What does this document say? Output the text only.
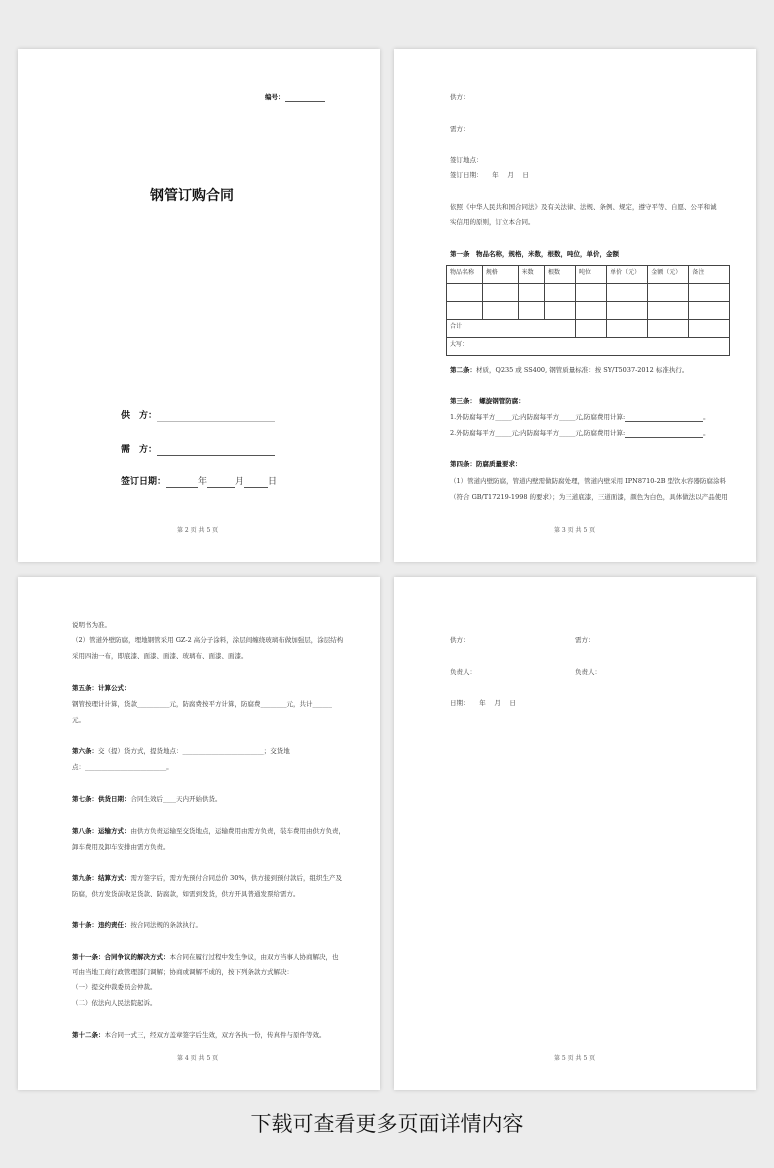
编号：
钢管订购合同
供　方：
需　方：
签订日期：	年	月	日
第 2 页 共 5 页
供方：
需方：
签订地点：
签订日期：　　年　 月　 日
依照《中华人民共和国合同法》及有关法律、法规、条例、规定，遵守平等、自愿、公平和诚
实信用的原则，订立本合同。
第一条　物品名称，规格，米数，根数，吨位，单价，金额
物品名称	规格	米数	根数	吨位	单价（元）	金额（元）	备注

合计							
大写：							
第二条：材质，Q235 或 SS400, 钢管质量标准：按 SY/T5037-2012 标准执行。
第三条：　螺旋钢管防腐：
1.外防腐每平方_____元;内防腐每平方_____元,防腐费用计算:	。
2.外防腐每平方_____元;内防腐每平方_____元,防腐费用计算:	。
第四条：防腐质量要求：
（1）管道内壁防腐，管道内壁需做防腐处理，管道内壁采用 IPN8710-2B 型饮水容器防腐涂料
（符合 GB/T17219-1998 的要求）；为三道底漆，三道面漆，颜色为白色，具体做法以产品使用
第 3 页 共 5 页
说明书为准。
（2）管道外壁防腐，埋地钢管采用 GZ-2 高分子涂料，涂层间缠绕玻璃布做加强层，涂层结构
采用四油一布，即底漆、面漆、面漆、玻璃布、面漆、面漆。
第五条：计算公式：
钢管按理计计算，货款__________元，防腐费按平方计算，防腐费________元，共计______
元。
第六条：交（提）货方式，提货地点：_________________________；交货地
点：_________________________。
第七条：供货日期：合同生效后____天内开始供货。
第八条：运输方式：由供方负责运输至交货地点，运输费用由需方负责，装车费用由供方负责，
卸车费用及卸车安排由需方负责。
第九条：结算方式：需方签字后，需方先预付合同总价 30%，供方接到预付款后，组织生产及
防腐，供方发货前收足货款、防腐款，如需到发货，供方开具普通发票给需方。
第十条：违约责任：按合同法规的条款执行。
第十一条：合同争议的解决方式：本合同在履行过程中发生争议，由双方当事人协商解决，也
可由当地工商行政管理部门调解；协商或调解不成的，按下列条款方式解决：
（一）提交仲裁委员会仲裁。
（二）依法向人民法院起诉。
第十二条：本合同一式三，经双方盖章签字后生效，双方各执一份，传真件与原件等效。
第 4 页 共 5 页
供方：	需方：
负责人：	负责人：
日期：　　年　 月　 日
第 5 页 共 5 页
下载可查看更多页面详情内容
